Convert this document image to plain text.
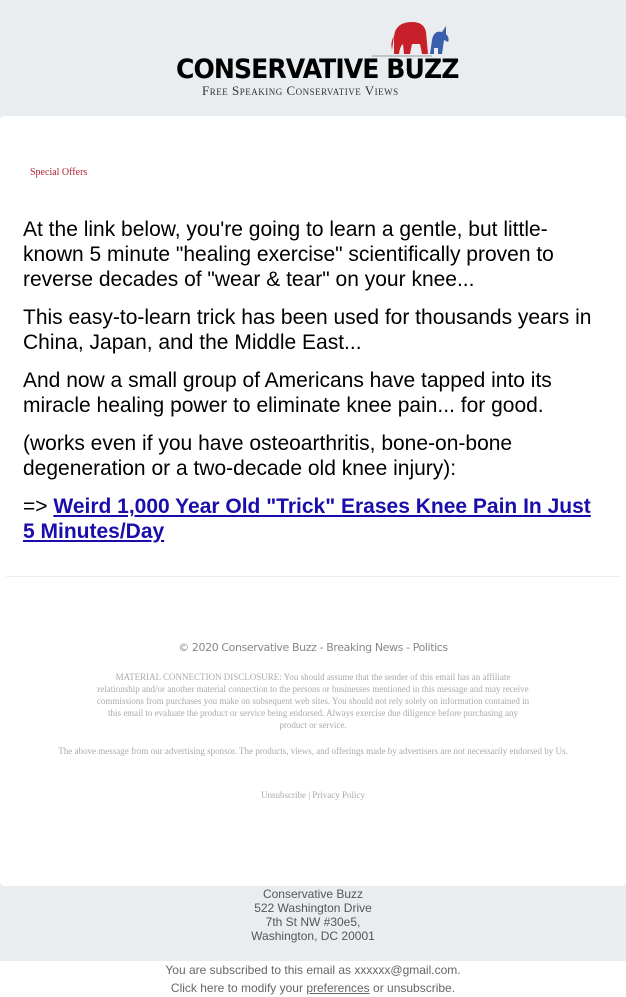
CONSERVATIVE BUZZ
Free Speaking Conservative Views
Special Offers

At the link below, you're going to learn a gentle, but little-known 5 minute "healing exercise" scientifically proven to reverse decades of "wear & tear" on your knee...

This easy-to-learn trick has been used for thousands years in China, Japan, and the Middle East...

And now a small group of Americans have tapped into its miracle healing power to eliminate knee pain... for good.

(works even if you have osteoarthritis, bone-on-bone degeneration or a two-decade old knee injury):

=> Weird 1,000 Year Old "Trick" Erases Knee Pain In Just 5 Minutes/Day

© 2020 Conservative Buzz - Breaking News - Politics
MATERIAL CONNECTION DISCLOSURE: You should assume that the sender of this email has an affiliate relationship and/or another material connection to the persons or businesses mentioned in this message and may receive commissions from purchases you make on subsequent web sites. You should not rely solely on information contained in this email to evaluate the product or service being endorsed. Always exercise due diligence before purchasing any product or service.
The above message from our advertising sponsor. The products, views, and offerings made by advertisers are not necessarily endorsed by Us.
Unsubscribe | Privacy Policy
Conservative Buzz
522 Washington Drive
7th St NW #30e5,
Washington, DC 20001
You are subscribed to this email as xxxxxx@gmail.com.
Click here to modify your preferences or unsubscribe.
